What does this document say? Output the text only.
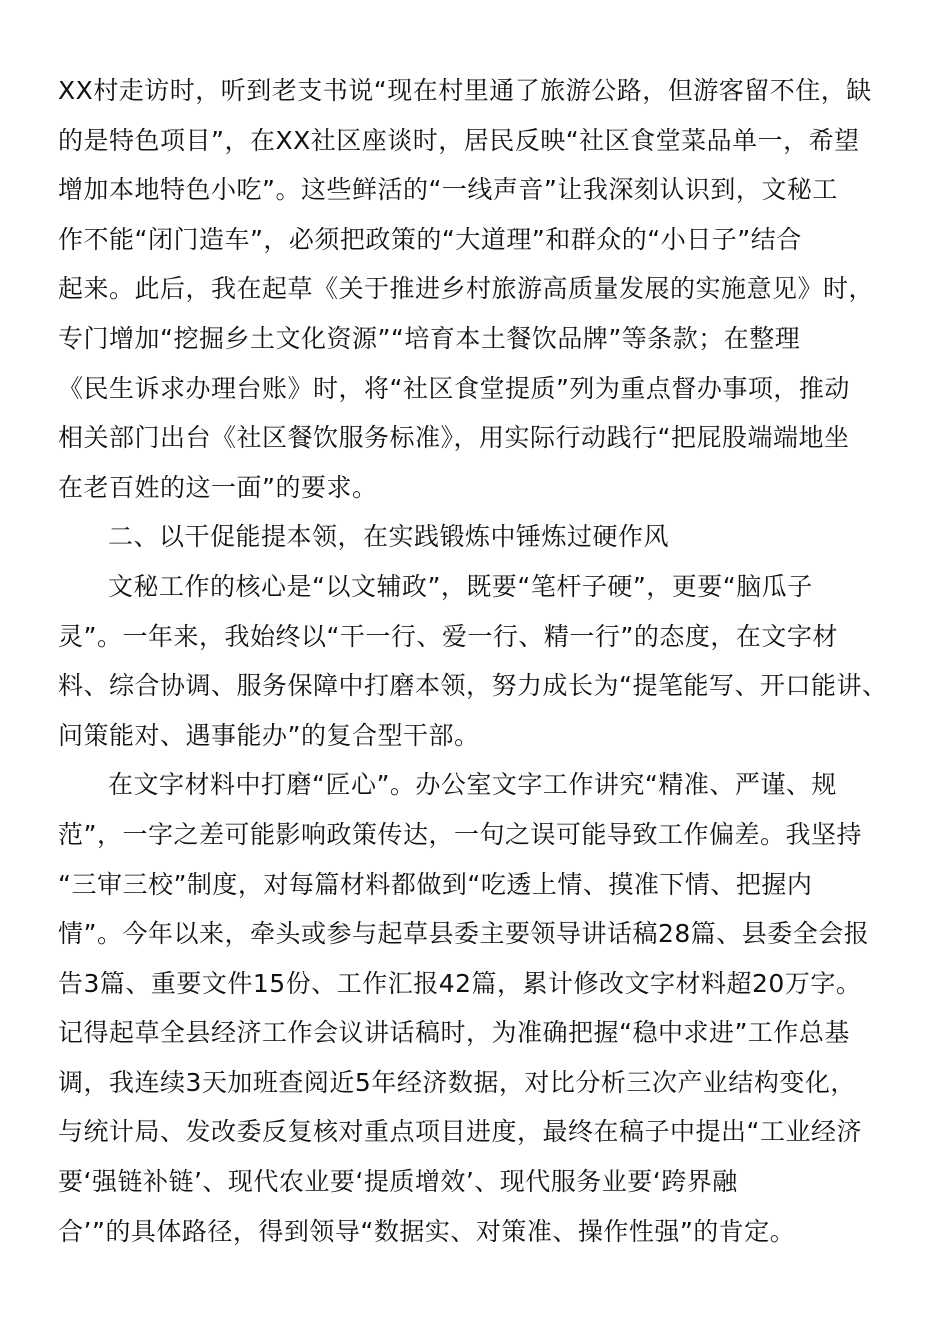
XX村走访时，听到老支书说“现在村里通了旅游公路，但游客留不住，缺
的是特色项目”，在XX社区座谈时，居民反映“社区食堂菜品单一，希望
增加本地特色小吃”。这些鲜活的“一线声音”让我深刻认识到，文秘工
作不能“闭门造车”，必须把政策的“大道理”和群众的“小日子”结合
起来。此后，我在起草《关于推进乡村旅游高质量发展的实施意见》时，
专门增加“挖掘乡土文化资源”“培育本土餐饮品牌”等条款；在整理
《民生诉求办理台账》时，将“社区食堂提质”列为重点督办事项，推动
相关部门出台《社区餐饮服务标准》，用实际行动践行“把屁股端端地坐
在老百姓的这一面”的要求。
二、以干促能提本领，在实践锻炼中锤炼过硬作风
文秘工作的核心是“以文辅政”，既要“笔杆子硬”，更要“脑瓜子
灵”。一年来，我始终以“干一行、爱一行、精一行”的态度，在文字材
料、综合协调、服务保障中打磨本领，努力成长为“提笔能写、开口能讲、
问策能对、遇事能办”的复合型干部。
在文字材料中打磨“匠心”。办公室文字工作讲究“精准、严谨、规
范”，一字之差可能影响政策传达，一句之误可能导致工作偏差。我坚持
“三审三校”制度，对每篇材料都做到“吃透上情、摸准下情、把握内
情”。今年以来，牵头或参与起草县委主要领导讲话稿28篇、县委全会报
告3篇、重要文件15份、工作汇报42篇，累计修改文字材料超20万字。
记得起草全县经济工作会议讲话稿时，为准确把握“稳中求进”工作总基
调，我连续3天加班查阅近5年经济数据，对比分析三次产业结构变化，
与统计局、发改委反复核对重点项目进度，最终在稿子中提出“工业经济
要‘强链补链’、现代农业要‘提质增效’、现代服务业要‘跨界融
合’”的具体路径，得到领导“数据实、对策准、操作性强”的肯定。
